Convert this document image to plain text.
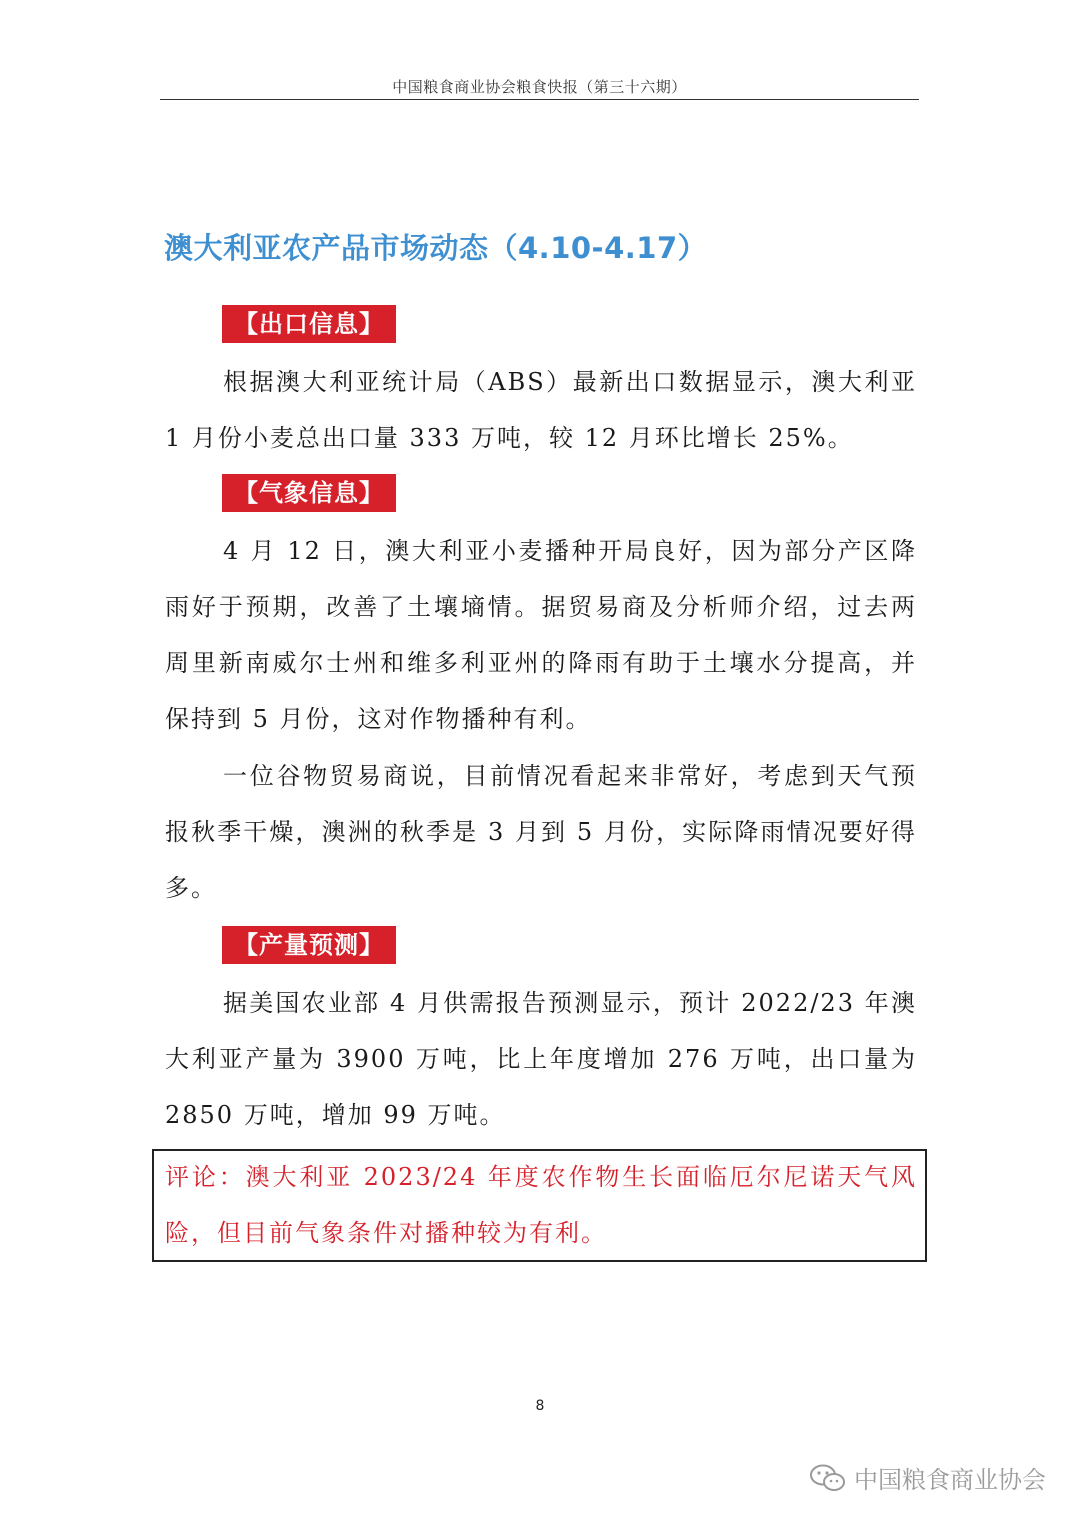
中国粮食商业协会粮食快报（第三十六期）
澳大利亚农产品市场动态（4.10-4.17）
【出口信息】

根据澳大利亚统计局（ABS）最新出口数据显示，澳大利亚 1 月份小麦总出口量 333 万吨，较 12 月环比增长 25%。

【气象信息】

4 月 12 日，澳大利亚小麦播种开局良好，因为部分产区降雨好于预期，改善了土壤墒情。据贸易商及分析师介绍，过去两周里新南威尔士州和维多利亚州的降雨有助于土壤水分提高，并保持到 5 月份，这对作物播种有利。

一位谷物贸易商说，目前情况看起来非常好，考虑到天气预报秋季干燥，澳洲的秋季是 3 月到 5 月份，实际降雨情况要好得多。

【产量预测】

据美国农业部 4 月供需报告预测显示，预计 2022/23 年澳大利亚产量为 3900 万吨，比上年度增加 276 万吨，出口量为 2850 万吨，增加 99 万吨。

评论：澳大利亚 2023/24 年度农作物生长面临厄尔尼诺天气风险，但目前气象条件对播种较为有利。

8
中国粮食商业协会
